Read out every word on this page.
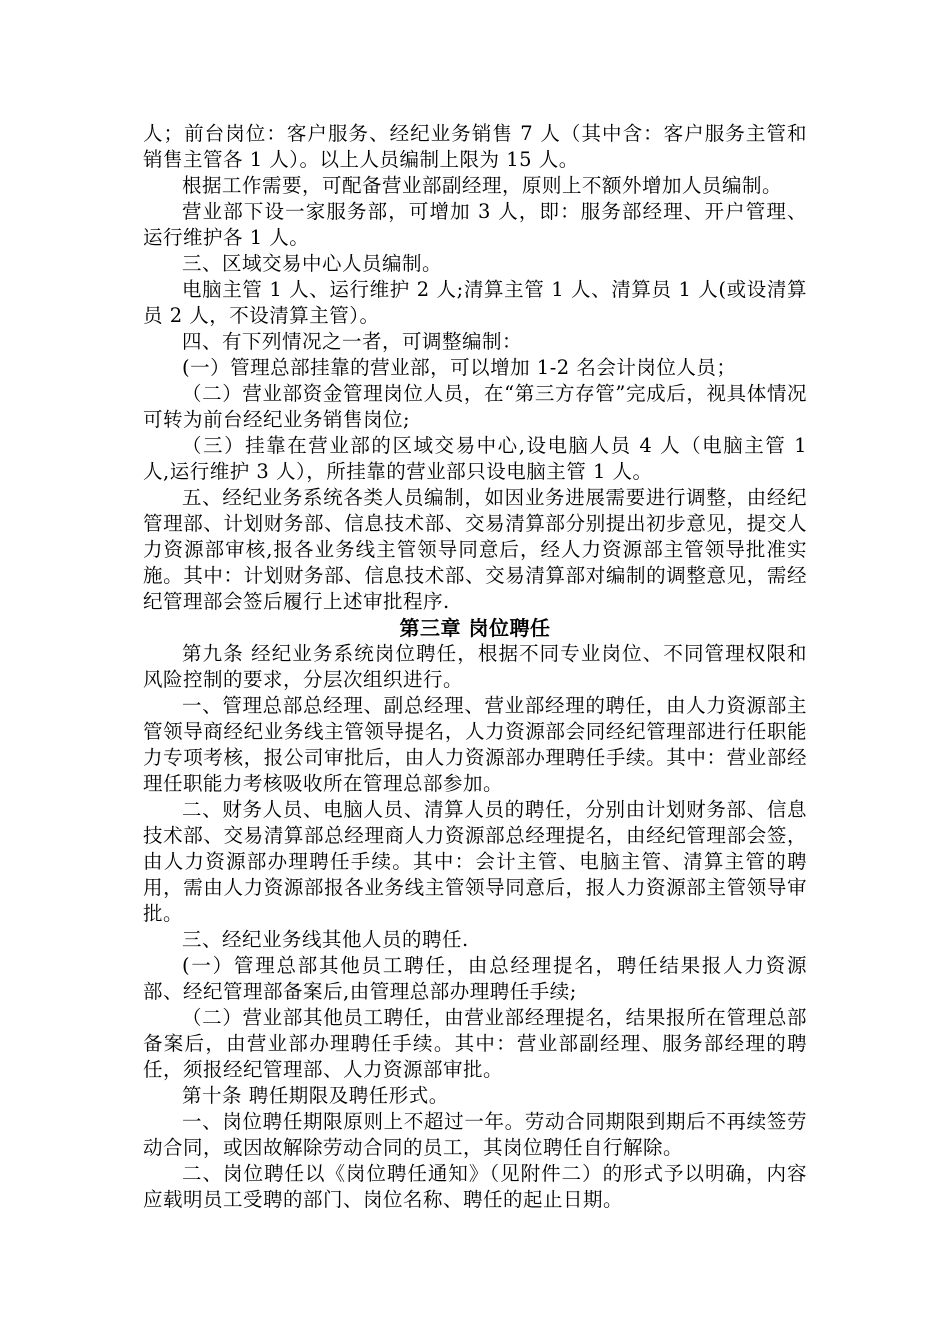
人；前台岗位：客户服务、经纪业务销售 7 人（其中含：客户服务主管和销售主管各 1 人）。以上人员编制上限为 15 人。

根据工作需要，可配备营业部副经理，原则上不额外增加人员编制。

营业部下设一家服务部，可增加 3 人，即：服务部经理、开户管理、运行维护各 1 人。

三、区域交易中心人员编制。

电脑主管 1 人、运行维护 2 人;清算主管 1 人、清算员 1 人(或设清算员 2 人，不设清算主管）。

四、有下列情况之一者，可调整编制：

(一）管理总部挂靠的营业部，可以增加 1-2 名会计岗位人员；

（二）营业部资金管理岗位人员，在“第三方存管”完成后，视具体情况可转为前台经纪业务销售岗位;

（三）挂靠在营业部的区域交易中心,设电脑人员 4 人（电脑主管 1 人,运行维护 3 人），所挂靠的营业部只设电脑主管 1 人。

五、经纪业务系统各类人员编制，如因业务进展需要进行调整，由经纪管理部、计划财务部、信息技术部、交易清算部分别提出初步意见，提交人力资源部审核,报各业务线主管领导同意后，经人力资源部主管领导批准实施。其中：计划财务部、信息技术部、交易清算部对编制的调整意见，需经纪管理部会签后履行上述审批程序.

第三章 岗位聘任

第九条 经纪业务系统岗位聘任，根据不同专业岗位、不同管理权限和风险控制的要求，分层次组织进行。

一、管理总部总经理、副总经理、营业部经理的聘任，由人力资源部主管领导商经纪业务线主管领导提名，人力资源部会同经纪管理部进行任职能力专项考核，报公司审批后，由人力资源部办理聘任手续。其中：营业部经理任职能力考核吸收所在管理总部参加。

二、财务人员、电脑人员、清算人员的聘任，分别由计划财务部、信息技术部、交易清算部总经理商人力资源部总经理提名，由经纪管理部会签，由人力资源部办理聘任手续。其中：会计主管、电脑主管、清算主管的聘用，需由人力资源部报各业务线主管领导同意后，报人力资源部主管领导审批。

三、经纪业务线其他人员的聘任.

(一）管理总部其他员工聘任，由总经理提名，聘任结果报人力资源部、经纪管理部备案后,由管理总部办理聘任手续;

（二）营业部其他员工聘任，由营业部经理提名，结果报所在管理总部备案后，由营业部办理聘任手续。其中：营业部副经理、服务部经理的聘任，须报经纪管理部、人力资源部审批。

第十条 聘任期限及聘任形式。

一、岗位聘任期限原则上不超过一年。劳动合同期限到期后不再续签劳动合同，或因故解除劳动合同的员工，其岗位聘任自行解除。

二、岗位聘任以《岗位聘任通知》（见附件二）的形式予以明确，内容应载明员工受聘的部门、岗位名称、聘任的起止日期。
